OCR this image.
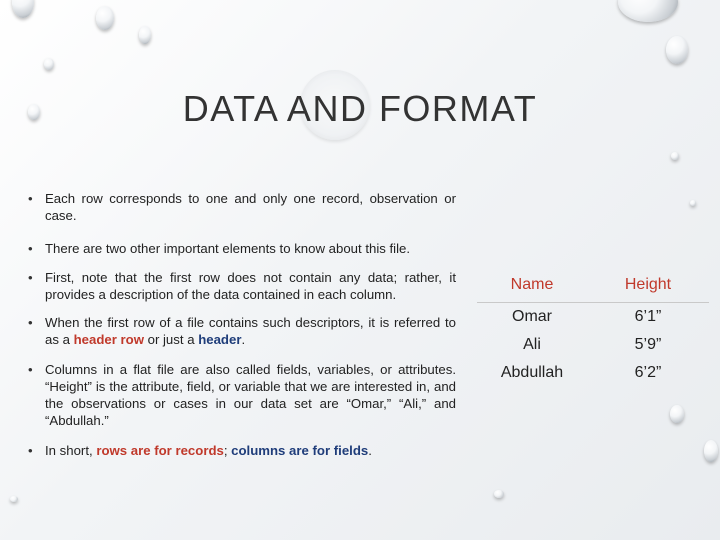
DATA AND FORMAT
• Each row corresponds to one and only one record, observation or case.
• There are two other important elements to know about this file.
• First, note that the first row does not contain any data; rather, it provides a description of the data contained in each column.
• When the first row of a file contains such descriptors, it is referred to as a header row or just a header.
• Columns in a flat file are also called fields, variables, or attributes. “Height” is the attribute, field, or variable that we are interested in, and the observations or cases in our data set are “Omar,” “Ali,” and “Abdullah.”
• In short, rows are for records; columns are for fields.
Name	Height
Omar	6’1”
Ali	5’9”
Abdullah	6’2”
